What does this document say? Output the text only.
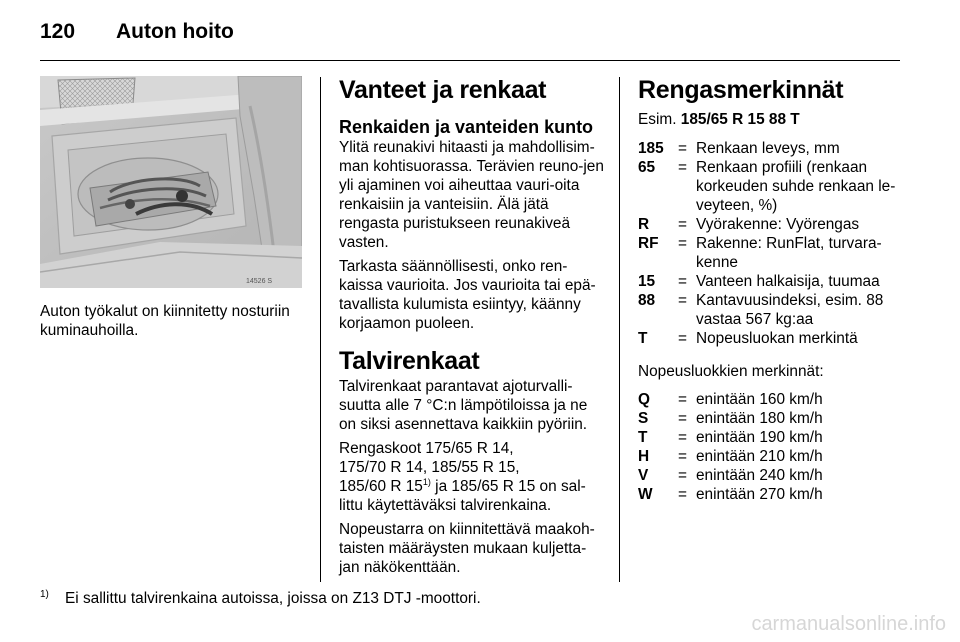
120 Auton hoito
14526 S
Auton työkalut on kiinnitetty nosturiin kuminauhoilla.
Vanteet ja renkaat
Renkaiden ja vanteiden kunto

Ylitä reunakivi hitaasti ja mahdollisim-man kohtisuorassa. Terävien reuno-jen yli ajaminen voi aiheuttaa vauri-oita renkaisiin ja vanteisiin. Älä jätä rengasta puristukseen reunakiveä vasten.

Tarkasta säännöllisesti, onko ren-kaissa vaurioita. Jos vaurioita tai epä-tavallista kulumista esiintyy, käänny korjaamon puoleen.

Talvirenkaat

Talvirenkaat parantavat ajoturvalli-suutta alle 7 °C:n lämpötiloissa ja ne on siksi asennettava kaikkiin pyöriin.

Rengaskoot 175/65 R 14,
175/70 R 14, 185/55 R 15,
185/60 R 15$^{1)}$ ja 185/65 R 15 on sal-
littu käytettäväksi talvirenkaina.

Nopeustarra on kiinnitettävä maakoh-taisten määräysten mukaan kuljetta-jan näkökenttään.

Rengasmerkinnät
Esim. 185/65 R 15 88 T
185 = Renkaan leveys, mm
65	= Renkaan profiili (renkaan korkeuden suhde renkaan le-veyteen, %)
R	= Vyörakenne: Vyörengas
RF	= Rakenne: RunFlat, turvara-kenne
15	= Vanteen halkaisija, tuumaa
88	= Kantavuusindeksi, esim. 88 vastaa 567 kg:aa
T	= Nopeusluokan merkintä

Nopeusluokkien merkinnät:

Q	= enintään 160 km/h
S	= enintään 180 km/h
T	= enintään 190 km/h
H	= enintään 210 km/h
V	= enintään 240 km/h
W	= enintään 270 km/h
1) Ei sallittu talvirenkaina autoissa, joissa on Z13 DTJ -moottori.
carmanualsonline.info
